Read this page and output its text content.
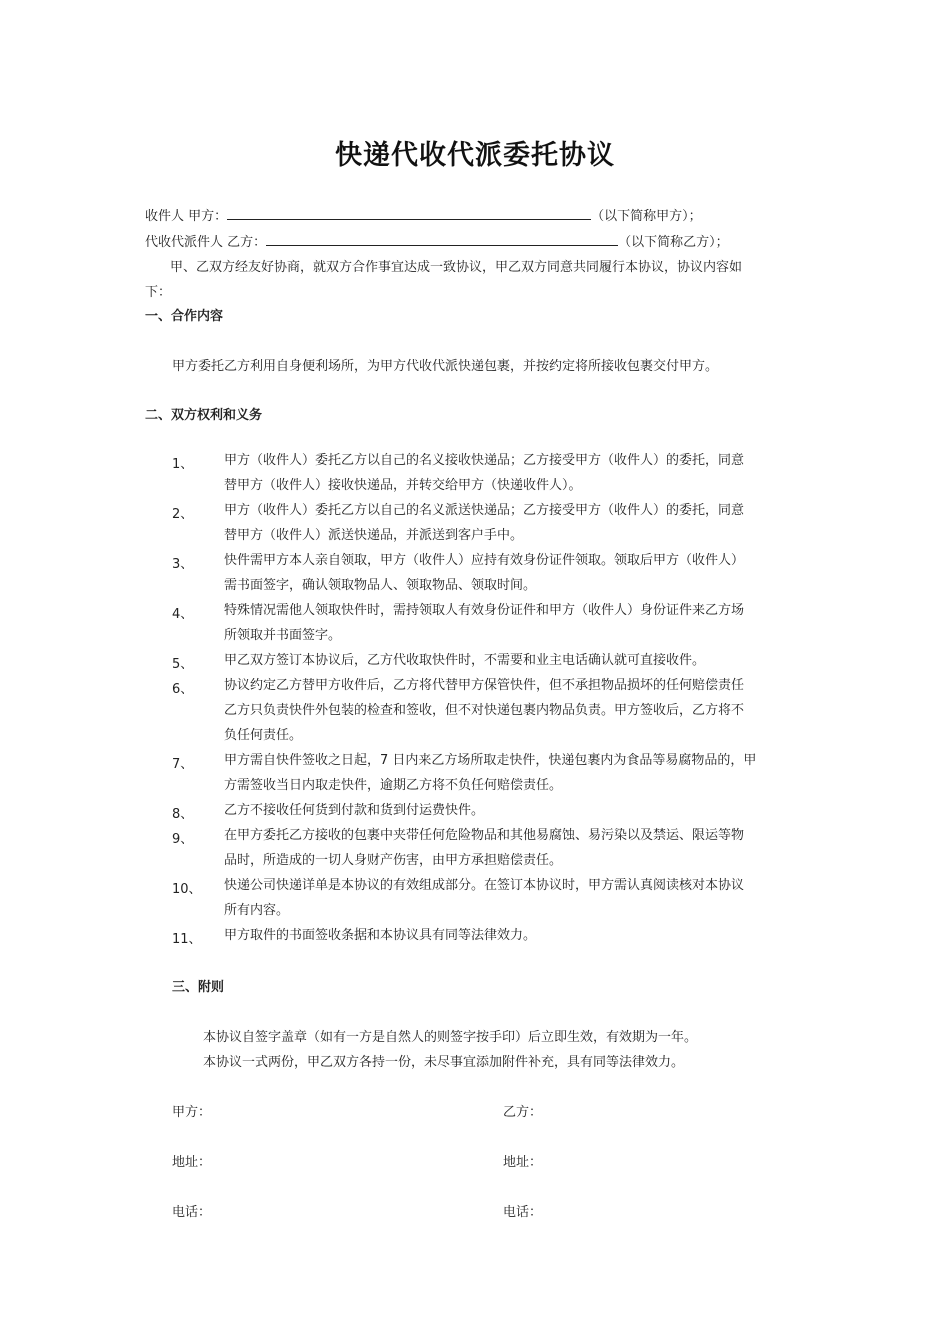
快递代收代派委托协议
收件人 甲方：	（以下简称甲方）；
代收代派件人 乙方：	（以下简称乙方）；
甲、乙双方经友好协商，就双方合作事宜达成一致协议，甲乙双方同意共同履行本协议，协议内容如
下：
一、合作内容
甲方委托乙方利用自身便利场所，为甲方代收代派快递包裹，并按约定将所接收包裹交付甲方。
二、双方权利和义务
1、 甲方（收件人）委托乙方以自己的名义接收快递品；乙方接受甲方（收件人）的委托，同意
替甲方（收件人）接收快递品，并转交给甲方（快递收件人）。
2、 甲方（收件人）委托乙方以自己的名义派送快递品；乙方接受甲方（收件人）的委托，同意
替甲方（收件人）派送快递品，并派送到客户手中。
3、 快件需甲方本人亲自领取，甲方（收件人）应持有效身份证件领取。领取后甲方（收件人）
需书面签字，确认领取物品人、领取物品、领取时间。
4、 特殊情况需他人领取快件时，需持领取人有效身份证件和甲方（收件人）身份证件来乙方场
所领取并书面签字。
5、 甲乙双方签订本协议后，乙方代收取快件时，不需要和业主电话确认就可直接收件。
6、 协议约定乙方替甲方收件后，乙方将代替甲方保管快件，但不承担物品损坏的任何赔偿责任
乙方只负责快件外包装的检查和签收，但不对快递包裹内物品负责。甲方签收后，乙方将不
负任何责任。
7、 甲方需自快件签收之日起，7 日内来乙方场所取走快件，快递包裹内为食品等易腐物品的，甲
方需签收当日内取走快件，逾期乙方将不负任何赔偿责任。
8、 乙方不接收任何货到付款和货到付运费快件。
9、 在甲方委托乙方接收的包裹中夹带任何危险物品和其他易腐蚀、易污染以及禁运、限运等物
品时，所造成的一切人身财产伤害，由甲方承担赔偿责任。
10、 快递公司快递详单是本协议的有效组成部分。在签订本协议时，甲方需认真阅读核对本协议
所有内容。
11、 甲方取件的书面签收条据和本协议具有同等法律效力。
三、附则
本协议自签字盖章（如有一方是自然人的则签字按手印）后立即生效，有效期为一年。
本协议一式两份，甲乙双方各持一份，未尽事宜添加附件补充，具有同等法律效力。
甲方：	乙方：
地址：	地址：
电话：	电话：
